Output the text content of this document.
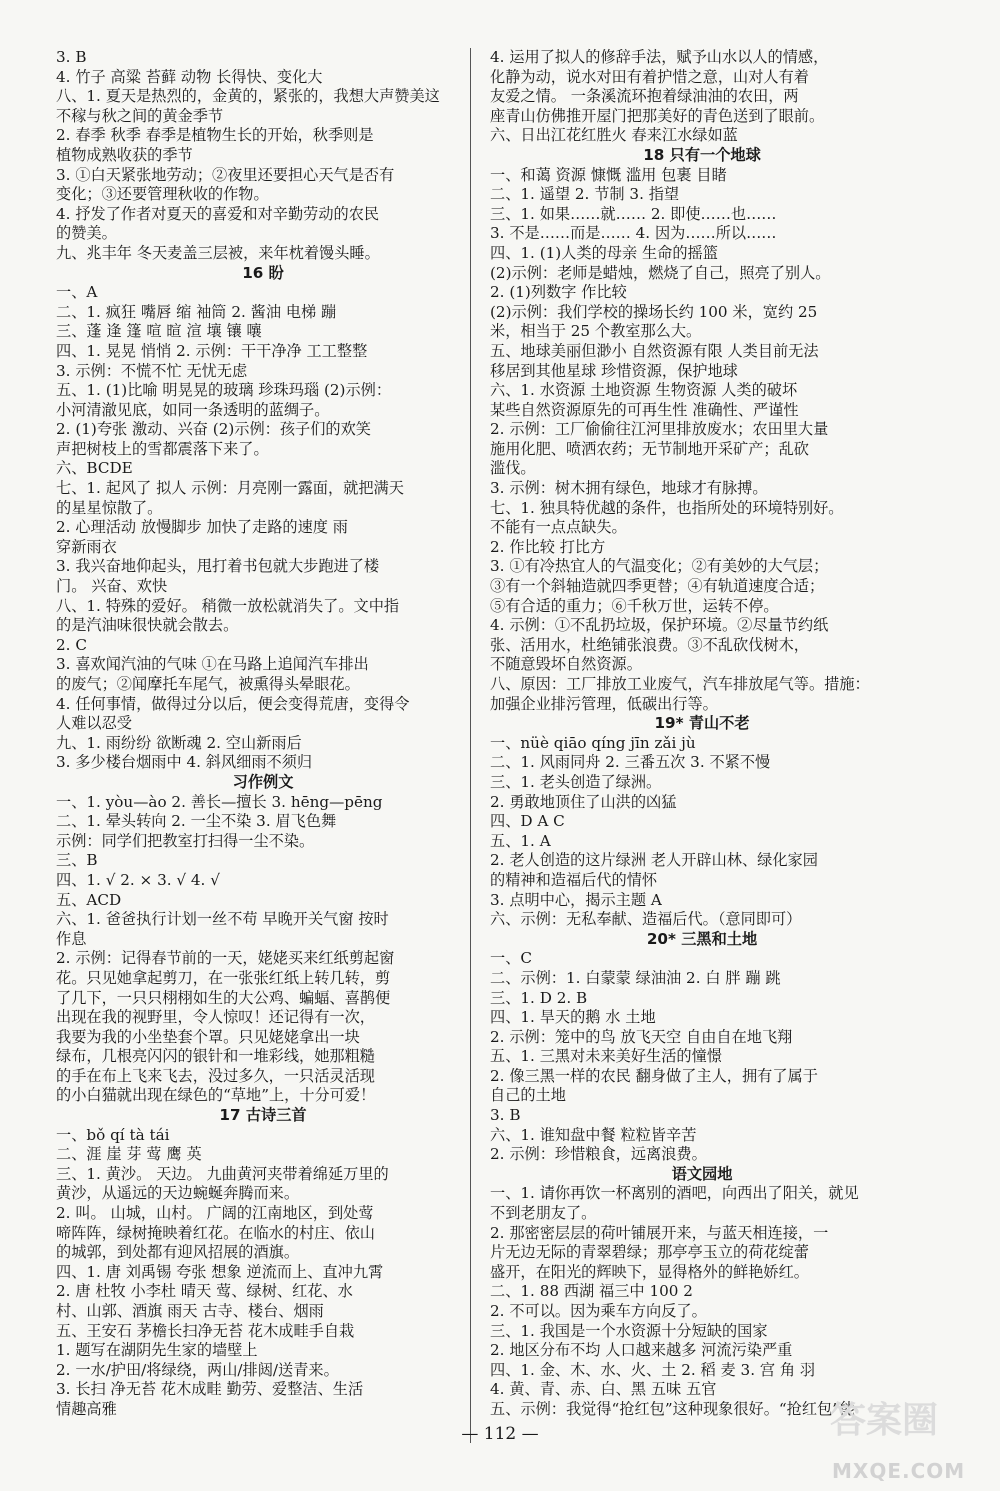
3. B
4. 竹子 高粱 苔藓 动物 长得快、变化大
八、1. 夏天是热烈的，金黄的，紧张的，我想大声赞美这
不稼与秋之间的黄金季节
2. 春季 秋季 春季是植物生长的开始，秋季则是
植物成熟收获的季节
3. ①白天紧张地劳动；②夜里还要担心天气是否有
变化；③还要管理秋收的作物。
4. 抒发了作者对夏天的喜爱和对辛勤劳动的农民
的赞美。
九、兆丰年 冬天麦盖三层被，来年枕着馒头睡。
16 盼
一、A
二、1. 疯狂 嘴唇 缩 袖筒 2. 酱油 电梯 蹦
三、蓬 逢 篷 喧 暄 渲 壤 镶 嚷
四、1. 晃晃 悄悄 2. 示例：干干净净 工工整整
3. 示例：不慌不忙 无忧无虑
五、1. (1)比喻 明晃晃的玻璃 珍珠玛瑙 (2)示例：
小河清澈见底，如同一条透明的蓝绸子。
2. (1)夸张 激动、兴奋 (2)示例：孩子们的欢笑
声把树枝上的雪都震落下来了。
六、BCDE
七、1. 起风了 拟人 示例：月亮刚一露面，就把满天
的星星惊散了。
2. 心理活动 放慢脚步 加快了走路的速度 雨
穿新雨衣
3. 我兴奋地仰起头，甩打着书包就大步跑进了楼
门。 兴奋、欢快
八、1. 特殊的爱好。 稍微一放松就消失了。文中指
的是汽油味很快就会散去。
2. C
3. 喜欢闻汽油的气味 ①在马路上追闻汽车排出
的废气；②闻摩托车尾气，被熏得头晕眼花。
4. 任何事情，做得过分以后，便会变得荒唐，变得令
人难以忍受
九、1. 雨纷纷 欲断魂 2. 空山新雨后
3. 多少楼台烟雨中 4. 斜风细雨不须归
习作例文
一、1. yòu—ào 2. 善长—擅长 3. hēng—pēng
二、1. 晕头转向 2. 一尘不染 3. 眉飞色舞
示例：同学们把教室打扫得一尘不染。
三、B
四、1. √ 2. × 3. √ 4. √
五、ACD
六、1. 爸爸执行计划一丝不苟 早晚开关气窗 按时
作息
2. 示例：记得春节前的一天，姥姥买来红纸剪起窗
花。只见她拿起剪刀，在一张张红纸上转几转，剪
了几下，一只只栩栩如生的大公鸡、蝙蝠、喜鹊便
出现在我的视野里，令人惊叹！还记得有一次，
我要为我的小坐垫套个罩。只见姥姥拿出一块
绿布，几根亮闪闪的银针和一堆彩线，她那粗糙
的手在布上飞来飞去，没过多久，一只活灵活现
的小白猫就出现在绿色的“草地”上，十分可爱！
17 古诗三首
一、bǒ qí tà tái
二、涯 崖 芽 莺 鹰 英
三、1. 黄沙。 天边。 九曲黄河夹带着绵延万里的
黄沙，从遥远的天边蜿蜒奔腾而来。
2. 叫。 山城，山村。 广阔的江南地区，到处莺
啼阵阵，绿树掩映着红花。在临水的村庄、依山
的城郭，到处都有迎风招展的酒旗。
四、1. 唐 刘禹锡 夸张 想象 逆流而上、直冲九霄
2. 唐 杜牧 小李杜 晴天 莺、绿树、红花、水
村、山郭、酒旗 雨天 古寺、楼台、烟雨
五、王安石 茅檐长扫净无苔 花木成畦手自栽
1. 题写在湖阴先生家的墙壁上
2. 一水/护田/将绿绕，两山/排闼/送青来。
3. 长扫 净无苔 花木成畦 勤劳、爱整洁、生活
情趣高雅
4. 运用了拟人的修辞手法，赋予山水以人的情感，
化静为动，说水对田有着护惜之意，山对人有着
友爱之情。 一条溪流环抱着绿油油的农田，两
座青山仿佛推开屋门把那美好的青色送到了眼前。
六、日出江花红胜火 春来江水绿如蓝
18 只有一个地球
一、和蔼 资源 慷慨 滥用 包裹 目睹
二、1. 遥望 2. 节制 3. 指望
三、1. 如果……就…… 2. 即使……也……
3. 不是……而是…… 4. 因为……所以……
四、1. (1)人类的母亲 生命的摇篮
(2)示例：老师是蜡烛，燃烧了自己，照亮了别人。
2. (1)列数字 作比较
(2)示例：我们学校的操场长约 100 米，宽约 25
米，相当于 25 个教室那么大。
五、地球美丽但渺小 自然资源有限 人类目前无法
移居到其他星球 珍惜资源，保护地球
六、1. 水资源 土地资源 生物资源 人类的破坏
某些自然资源原先的可再生性 准确性、严谨性
2. 示例：工厂偷偷往江河里排放废水；农田里大量
施用化肥、喷洒农药；无节制地开采矿产；乱砍
滥伐。
3. 示例：树木拥有绿色，地球才有脉搏。
七、1. 独具特优越的条件，也指所处的环境特别好。
不能有一点点缺失。
2. 作比较 打比方
3. ①有冷热宜人的气温变化；②有美妙的大气层；
③有一个斜轴造就四季更替；④有轨道速度合适；
⑤有合适的重力；⑥千秋万世，运转不停。
4. 示例：①不乱扔垃圾，保护环境。②尽量节约纸
张、活用水，杜绝铺张浪费。③不乱砍伐树木，
不随意毁坏自然资源。
八、原因：工厂排放工业废气，汽车排放尾气等。措施：
加强企业排污管理，低碳出行等。
19* 青山不老
一、nüè qiāo qíng jīn zǎi jù
二、1. 风雨同舟 2. 三番五次 3. 不紧不慢
三、1. 老头创造了绿洲。
2. 勇敢地顶住了山洪的凶猛
四、D A C
五、1. A
2. 老人创造的这片绿洲 老人开辟山林、绿化家园
的精神和造福后代的情怀
3. 点明中心，揭示主题 A
六、示例：无私奉献、造福后代。（意同即可）
20* 三黑和土地
一、C
二、示例：1. 白蒙蒙 绿油油 2. 白 胖 蹦 跳
三、1. D 2. B
四、1. 旱天的鹅 水 土地
2. 示例：笼中的鸟 放飞天空 自由自在地飞翔
五、1. 三黑对未来美好生活的憧憬
2. 像三黑一样的农民 翻身做了主人，拥有了属于
自己的土地
3. B
六、1. 谁知盘中餐 粒粒皆辛苦
2. 示例：珍惜粮食，远离浪费。
语文园地
一、1. 请你再饮一杯离别的酒吧，向西出了阳关，就见
不到老朋友了。
2. 那密密层层的荷叶铺展开来，与蓝天相连接，一
片无边无际的青翠碧绿；那亭亭玉立的荷花绽蕾
盛开，在阳光的辉映下，显得格外的鲜艳娇红。
二、1. 88 西湖 福三中 100 2
2. 不可以。因为乘车方向反了。
三、1. 我国是一个水资源十分短缺的国家
2. 地区分布不均 人口越来越多 河流污染严重
四、1. 金、木、水、火、土 2. 稻 麦 3. 宫 角 羽
4. 黄、青、赤、白、黑 五味 五官
五、示例：我觉得“抢红包”这种现象很好。“抢红包”能
— 112 —	答案圈
MXQE.COM
